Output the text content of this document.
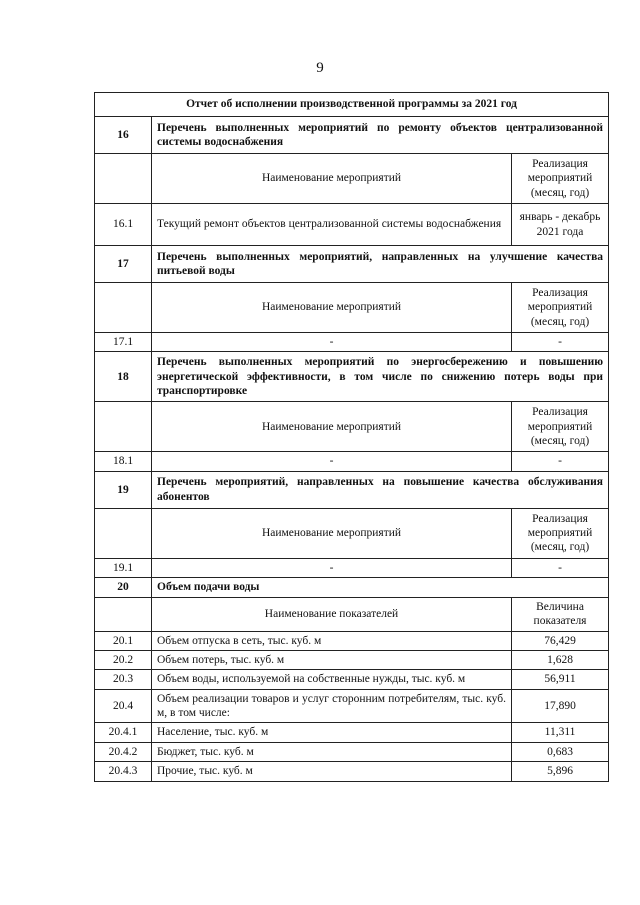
9
Отчет об исполнении производственной программы за 2021 год		
16	Перечень выполненных мероприятий по ремонту объектов централизованной системы водоснабжения	
	Наименование мероприятий	Реализация мероприятий (месяц, год)
16.1	Текущий ремонт объектов централизованной системы водоснабжения	январь - декабрь 2021 года
17	Перечень выполненных мероприятий, направленных на улучшение качества питьевой воды	
	Наименование мероприятий	Реализация мероприятий (месяц, год)
17.1	-	-
18	Перечень выполненных мероприятий по энергосбережению и повышению энергетической эффективности, в том числе по снижению потерь воды при транспортировке	
	Наименование мероприятий	Реализация мероприятий (месяц, год)
18.1	-	-
19	Перечень мероприятий, направленных на повышение качества обслуживания абонентов	
	Наименование мероприятий	Реализация мероприятий (месяц, год)
19.1	-	-
20	Объем подачи воды	
	Наименование показателей	Величина показателя
20.1	Объем отпуска в сеть, тыс. куб. м	76,429
20.2	Объем потерь, тыс. куб. м	1,628
20.3	Объем воды, используемой на собственные нужды, тыс. куб. м	56,911
20.4	Объем реализации товаров и услуг сторонним потребителям, тыс. куб. м, в том числе:	17,890
20.4.1	Население, тыс. куб. м	11,311
20.4.2	Бюджет, тыс. куб. м	0,683
20.4.3	Прочие, тыс. куб. м	5,896
